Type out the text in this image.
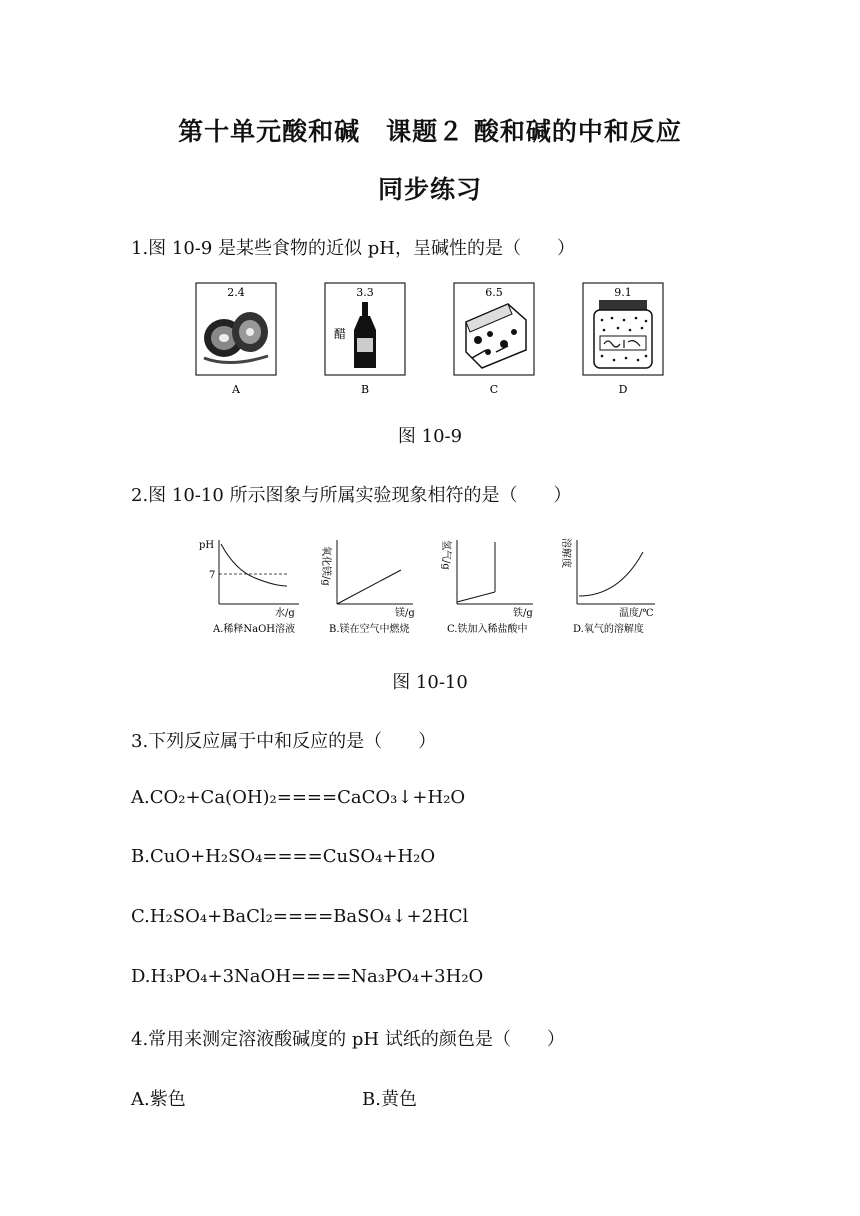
第十单元酸和碱　课题２ 酸和碱的中和反应
同步练习
1.图 10-9 是某些食物的近似 pH，呈碱性的是（　　）
2.4
A
3.3
醋
B
6.5
C
9.1
D
图 10-9
2.图 10-10 所示图象与所属实验现象相符的是（　　）
pH
7
水/g
A.稀释NaOH溶液
氧化镁/g
镁/g
B.镁在空气中燃烧
氢气/g
铁/g
C.铁加入稀盐酸中
溶解度
温度/℃
D.氧气的溶解度
图 10-10
3.下列反应属于中和反应的是（　　）
A.CO₂+Ca(OH)₂====CaCO₃↓+H₂O
B.CuO+H₂SO₄====CuSO₄+H₂O
C.H₂SO₄+BaCl₂====BaSO₄↓+2HCl
D.H₃PO₄+3NaOH====Na₃PO₄+3H₂O
4.常用来测定溶液酸碱度的 pH 试纸的颜色是（　　）
A.紫色	B.黄色
